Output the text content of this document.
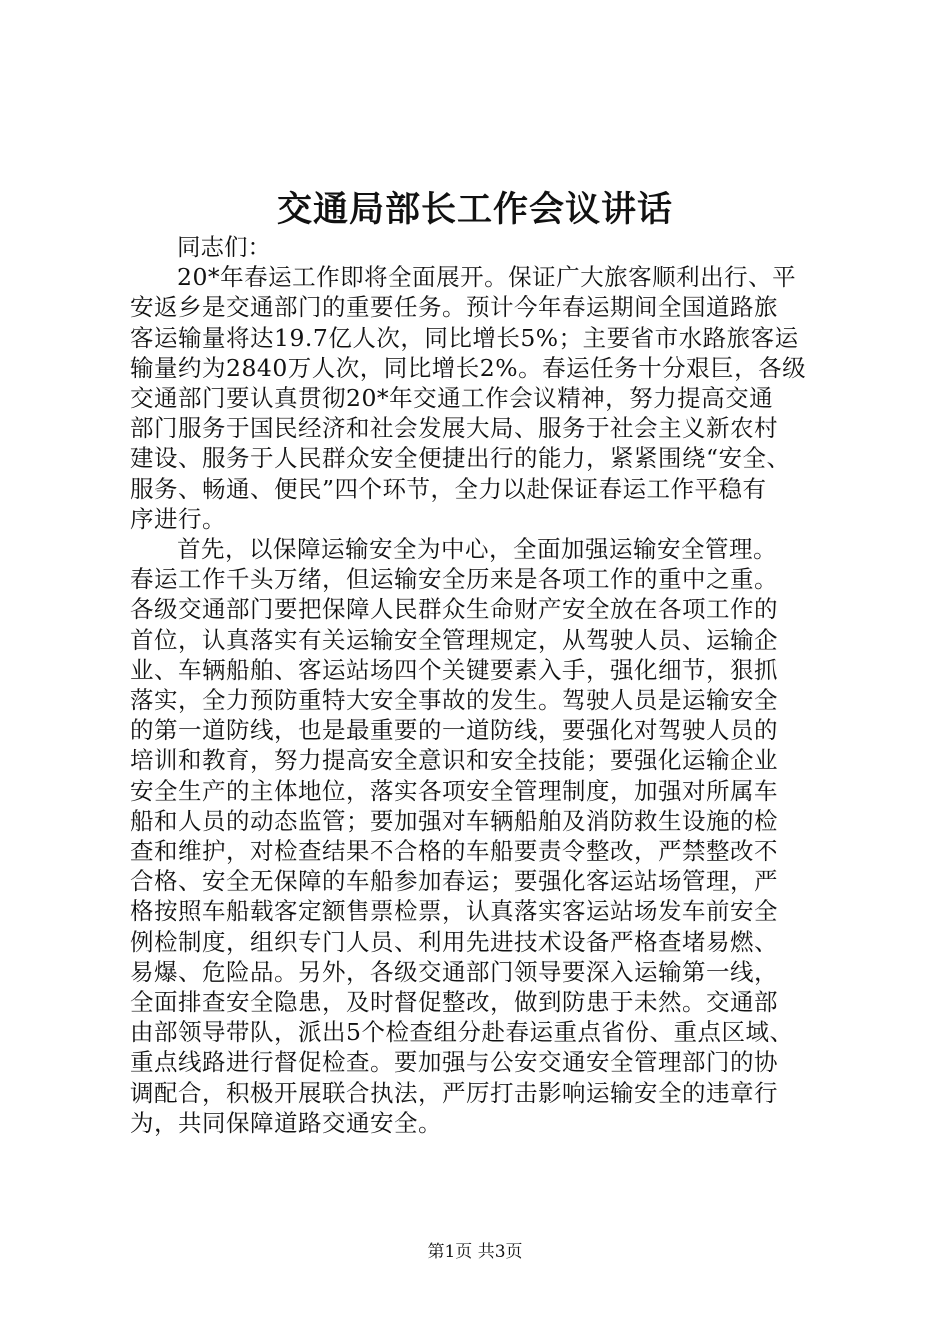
交通局部长工作会议讲话

同志们：

20*年春运工作即将全面展开。保证广大旅客顺利出行、平

安返乡是交通部门的重要任务。预计今年春运期间全国道路旅

客运输量将达19.7亿人次，同比增长5%；主要省市水路旅客运

输量约为2840万人次，同比增长2%。春运任务十分艰巨，各级

交通部门要认真贯彻20*年交通工作会议精神，努力提高交通

部门服务于国民经济和社会发展大局、服务于社会主义新农村

建设、服务于人民群众安全便捷出行的能力，紧紧围绕“安全、

服务、畅通、便民”四个环节，全力以赴保证春运工作平稳有

序进行。

首先，以保障运输安全为中心，全面加强运输安全管理。

春运工作千头万绪，但运输安全历来是各项工作的重中之重。

各级交通部门要把保障人民群众生命财产安全放在各项工作的

首位，认真落实有关运输安全管理规定，从驾驶人员、运输企

业、车辆船舶、客运站场四个关键要素入手，强化细节，狠抓

落实，全力预防重特大安全事故的发生。驾驶人员是运输安全

的第一道防线，也是最重要的一道防线，要强化对驾驶人员的

培训和教育，努力提高安全意识和安全技能；要强化运输企业

安全生产的主体地位，落实各项安全管理制度，加强对所属车

船和人员的动态监管；要加强对车辆船舶及消防救生设施的检

查和维护，对检查结果不合格的车船要责令整改，严禁整改不

合格、安全无保障的车船参加春运；要强化客运站场管理，严

格按照车船载客定额售票检票，认真落实客运站场发车前安全

例检制度，组织专门人员、利用先进技术设备严格查堵易燃、

易爆、危险品。另外，各级交通部门领导要深入运输第一线，

全面排查安全隐患，及时督促整改，做到防患于未然。交通部

由部领导带队，派出5个检查组分赴春运重点省份、重点区域、

重点线路进行督促检查。要加强与公安交通安全管理部门的协

调配合，积极开展联合执法，严厉打击影响运输安全的违章行

为，共同保障道路交通安全。

第1页 共3页
